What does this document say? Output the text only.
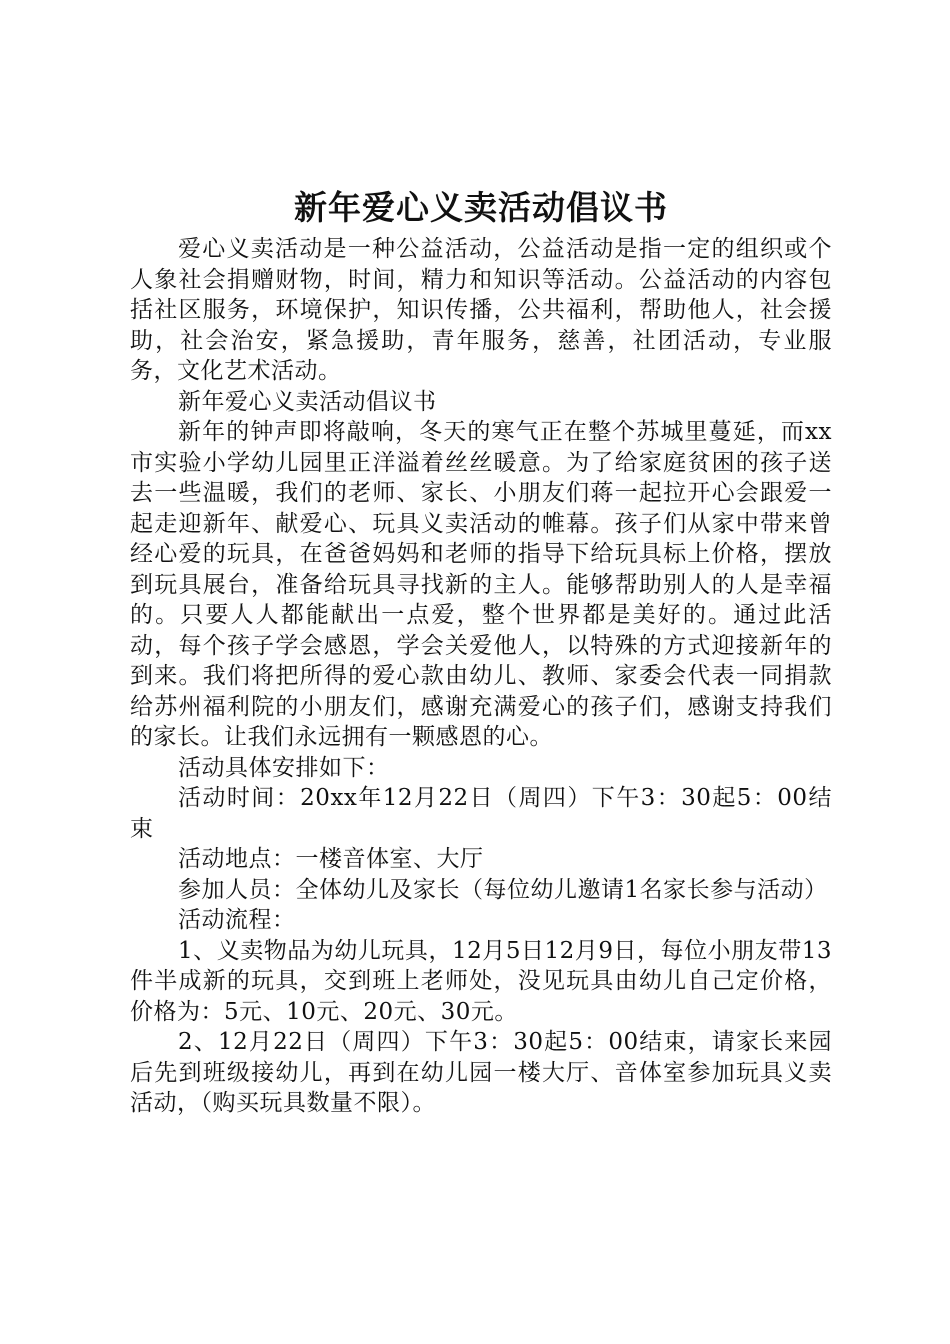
新年爱心义卖活动倡议书

爱心义卖活动是一种公益活动，公益活动是指一定的组织或个人象社会捐赠财物，时间，精力和知识等活动。公益活动的内容包括社区服务，环境保护，知识传播，公共福利，帮助他人，社会援助，社会治安，紧急援助，青年服务，慈善，社团活动，专业服务，文化艺术活动。

新年爱心义卖活动倡议书

新年的钟声即将敲响，冬天的寒气正在整个苏城里蔓延，而xx市实验小学幼儿园里正洋溢着丝丝暖意。为了给家庭贫困的孩子送去一些温暖，我们的老师、家长、小朋友们蒋一起拉开心会跟爱一起走迎新年、献爱心、玩具义卖活动的帷幕。孩子们从家中带来曾经心爱的玩具，在爸爸妈妈和老师的指导下给玩具标上价格，摆放到玩具展台，准备给玩具寻找新的主人。能够帮助别人的人是幸福的。只要人人都能献出一点爱，整个世界都是美好的。通过此活动，每个孩子学会感恩，学会关爱他人，以特殊的方式迎接新年的到来。我们将把所得的爱心款由幼儿、教师、家委会代表一同捐款给苏州福利院的小朋友们，感谢充满爱心的孩子们，感谢支持我们的家长。让我们永远拥有一颗感恩的心。

活动具体安排如下：

活动时间：20xx年12月22日（周四）下午3：30起5：00结束

活动地点：一楼音体室、大厅

参加人员：全体幼儿及家长（每位幼儿邀请1名家长参与活动）

活动流程：

1、义卖物品为幼儿玩具，12月5日12月9日，每位小朋友带13件半成新的玩具，交到班上老师处，没见玩具由幼儿自己定价格，价格为：5元、10元、20元、30元。

2、12月22日（周四）下午3：30起5：00结束，请家长来园后先到班级接幼儿，再到在幼儿园一楼大厅、音体室参加玩具义卖活动，（购买玩具数量不限）。
